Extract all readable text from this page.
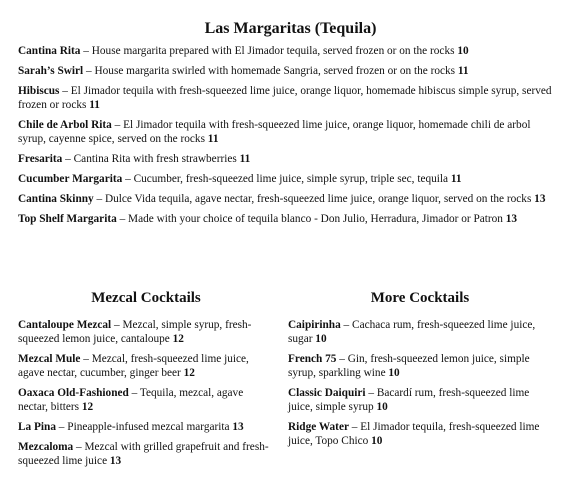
Las Margaritas (Tequila)
Cantina Rita – House margarita prepared with El Jimador tequila, served frozen or on the rocks 10
Sarah’s Swirl – House margarita swirled with homemade Sangria, served frozen or on the rocks 11
Hibiscus – El Jimador tequila with fresh-squeezed lime juice, orange liquor, homemade hibiscus simple syrup, served frozen or rocks 11
Chile de Arbol Rita – El Jimador tequila with fresh-squeezed lime juice, orange liquor, homemade chili de arbol syrup, cayenne spice, served on the rocks 11
Fresarita – Cantina Rita with fresh strawberries 11
Cucumber Margarita – Cucumber, fresh-squeezed lime juice, simple syrup, triple sec, tequila 11
Cantina Skinny – Dulce Vida tequila, agave nectar, fresh-squeezed lime juice, orange liquor, served on the rocks 13
Top Shelf Margarita – Made with your choice of tequila blanco - Don Julio, Herradura, Jimador or Patron 13
Mezcal Cocktails
Cantaloupe Mezcal – Mezcal, simple syrup, fresh-squeezed lemon juice, cantaloupe 12
Mezcal Mule – Mezcal, fresh-squeezed lime juice, agave nectar, cucumber, ginger beer 12
Oaxaca Old-Fashioned – Tequila, mezcal, agave nectar, bitters 12
La Pina – Pineapple-infused mezcal margarita 13
Mezcaloma – Mezcal with grilled grapefruit and fresh-squeezed lime juice 13
More Cocktails
Caipirinha – Cachaca rum, fresh-squeezed lime juice, sugar 10
French 75 – Gin, fresh-squeezed lemon juice, simple syrup, sparkling wine 10
Classic Daiquiri – Bacardí rum, fresh-squeezed lime juice, simple syrup 10
Ridge Water – El Jimador tequila, fresh-squeezed lime juice, Topo Chico 10
